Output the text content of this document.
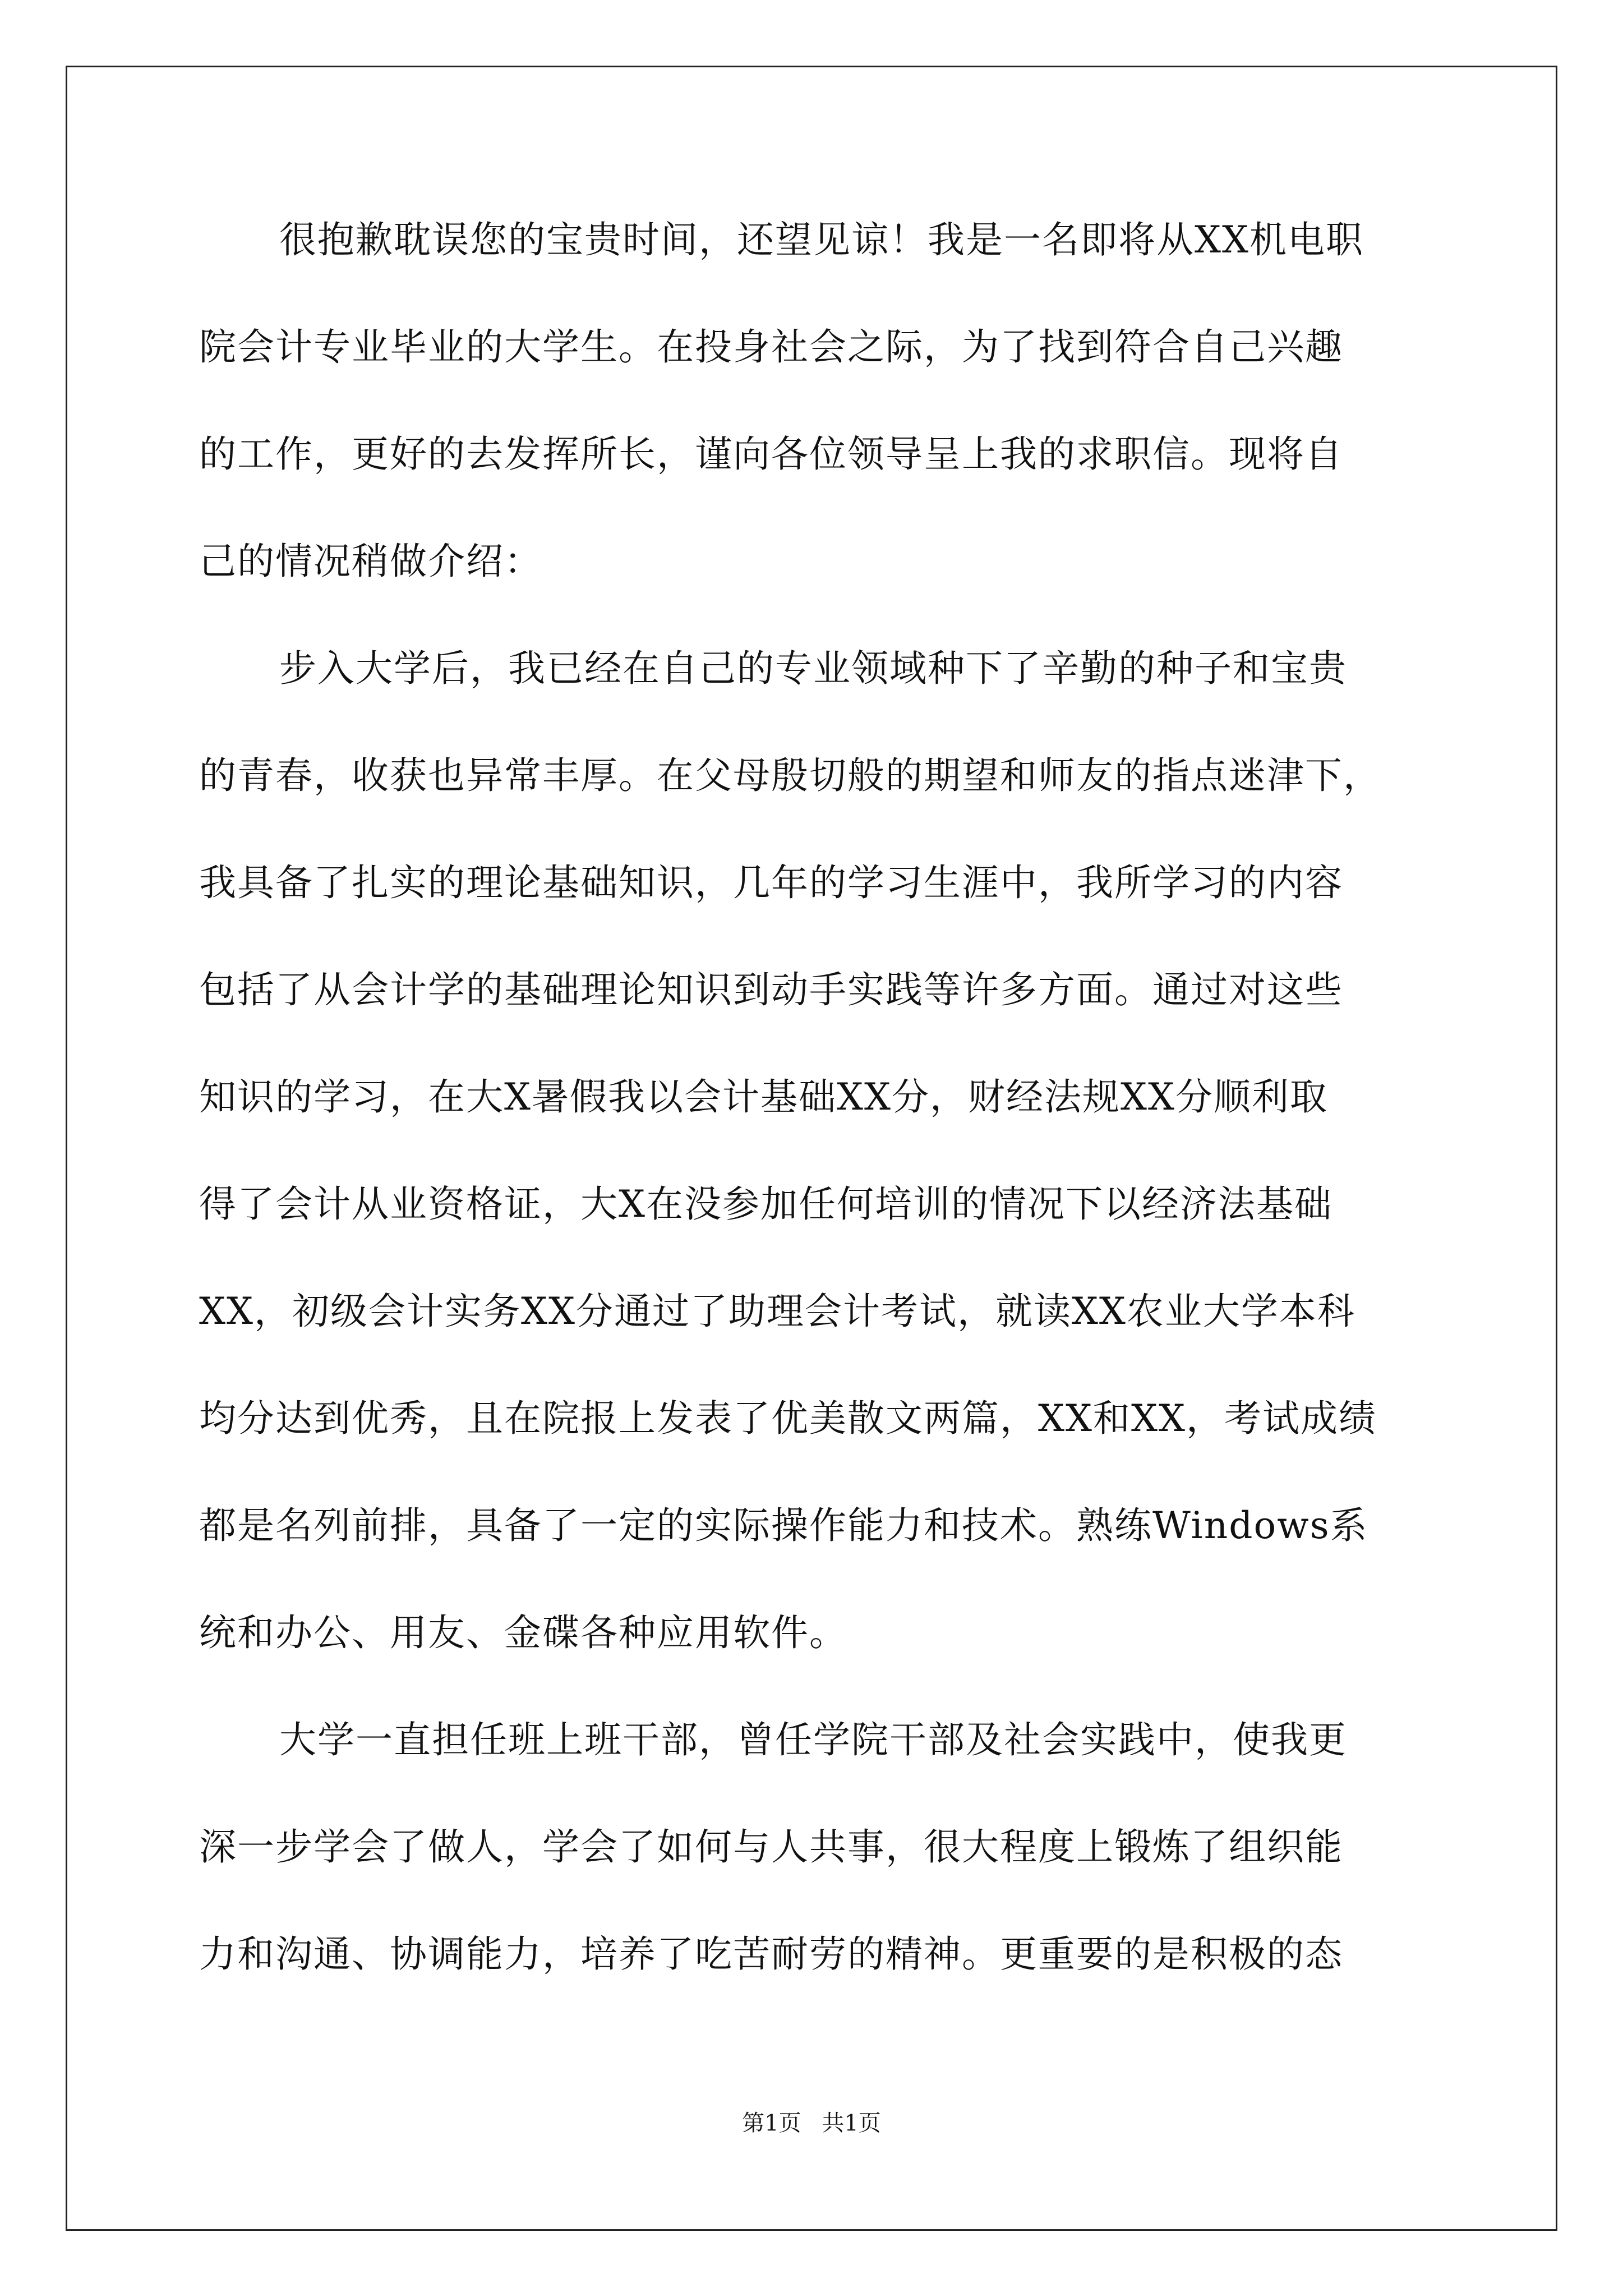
很抱歉耽误您的宝贵时间，还望见谅！我是一名即将从XX机电职
院会计专业毕业的大学生。在投身社会之际，为了找到符合自己兴趣
的工作，更好的去发挥所长，谨向各位领导呈上我的求职信。现将自
己的情况稍做介绍：
步入大学后，我已经在自己的专业领域种下了辛勤的种子和宝贵
的青春，收获也异常丰厚。在父母殷切般的期望和师友的指点迷津下，
我具备了扎实的理论基础知识，几年的学习生涯中，我所学习的内容
包括了从会计学的基础理论知识到动手实践等许多方面。通过对这些
知识的学习，在大X暑假我以会计基础XX分，财经法规XX分顺利取
得了会计从业资格证，大X在没参加任何培训的情况下以经济法基础
XX，初级会计实务XX分通过了助理会计考试，就读XX农业大学本科
均分达到优秀，且在院报上发表了优美散文两篇，XX和XX，考试成绩
都是名列前排，具备了一定的实际操作能力和技术。熟练Windows系
统和办公、用友、金碟各种应用软件。
大学一直担任班上班干部，曾任学院干部及社会实践中，使我更
深一步学会了做人，学会了如何与人共事，很大程度上锻炼了组织能
力和沟通、协调能力，培养了吃苦耐劳的精神。更重要的是积极的态
第1页 共1页
